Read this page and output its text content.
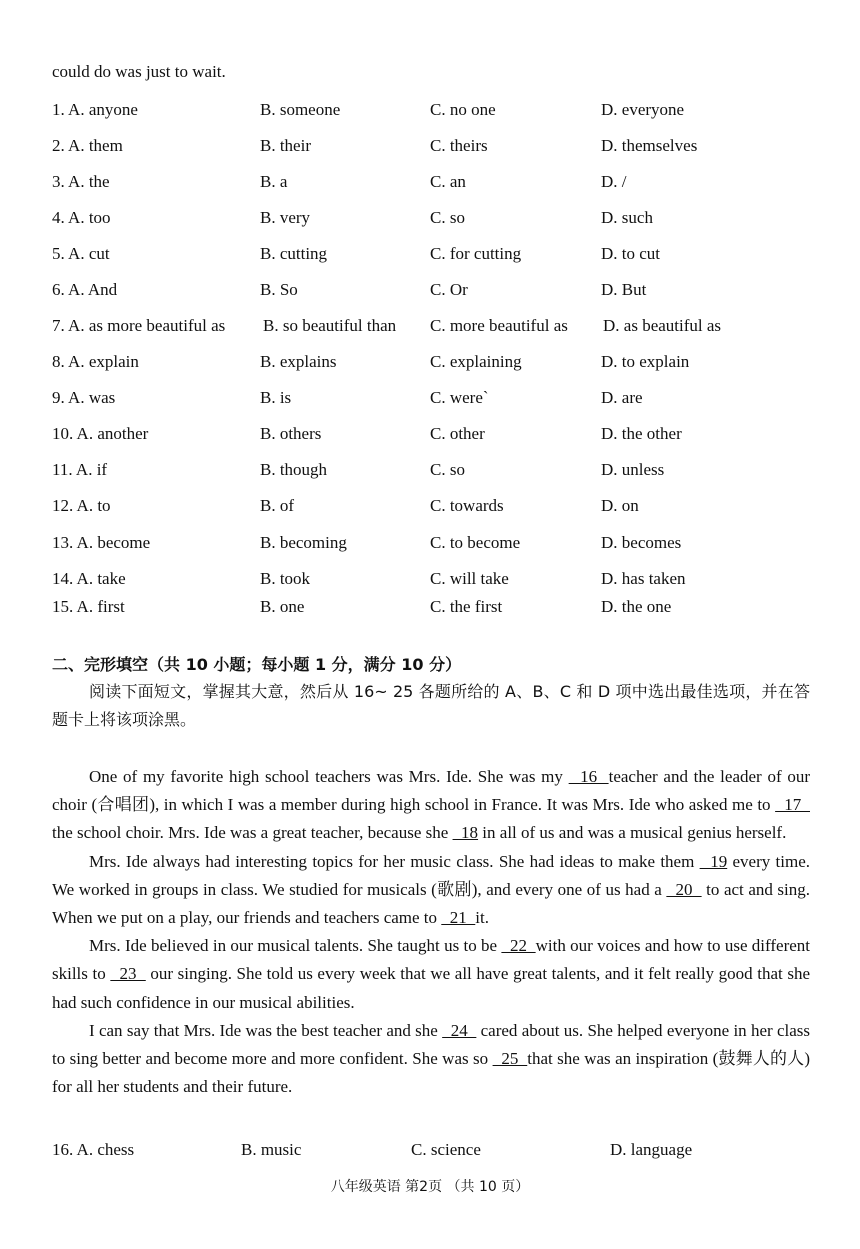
could do was just to wait.
1. A. anyone	B. someone	C. no one	D. everyone
2. A. them	B. their	C. theirs	D. themselves
3. A. the	B. a	C. an	D. /
4. A. too	B. very	C. so	D. such
5. A. cut	B. cutting	C. for cutting	D. to cut
6. A. And	B. So	C. Or	D. But
7. A. as more beautiful as B. so beautiful than C. more beautiful as D. as beautiful as
8. A. explain	B. explains	C. explaining	D. to explain
9. A. was	B. is	C. were`	D. are
10. A. another	B. others	C. other	D. the other
11. A. if	B. though	C. so	D. unless
12. A. to	B. of	C. towards	D. on
13. A. become	B. becoming	C. to become	D. becomes
14. A. take	B. took	C. will take	D. has taken
15. A. first	B. one	C. the first	D. the one
二、完形填空（共 10 小题；每小题 1 分，满分 10 分）
阅读下面短文，掌握其大意，然后从 16~ 25 各题所给的 A、B、C 和 D 项中选出最佳选项，并在答题卡上将该项涂黑。

One of my favorite high school teachers was Mrs. Ide. She was my   16  teacher and the leader of our choir (合唱团), in which I was a member during high school in France. It was Mrs. Ide who asked me to   17   the school choir. Mrs. Ide was a great teacher, because she   18 in all of us and was a musical genius herself.

Mrs. Ide always had interesting topics for her music class. She had ideas to make them   19 every time. We worked in groups in class. We studied for musicals (歌剧), and every one of us had a   20   to act and sing. When we put on a play, our friends and teachers came to   21  it.

Mrs. Ide believed in our musical talents. She taught us to be   22  with our voices and how to use different skills to   23   our singing. She told us every week that we all have great talents, and it felt really good that she had such confidence in our musical abilities.

I can say that Mrs. Ide was the best teacher and she   24   cared about us. She helped everyone in her class to sing better and become more and more confident. She was so   25  that she was an inspiration (鼓舞人的人) for all her students and their future.

16. A. chess	B. music	C. science	D. language
八年级英语 第2页 （共 10 页）
